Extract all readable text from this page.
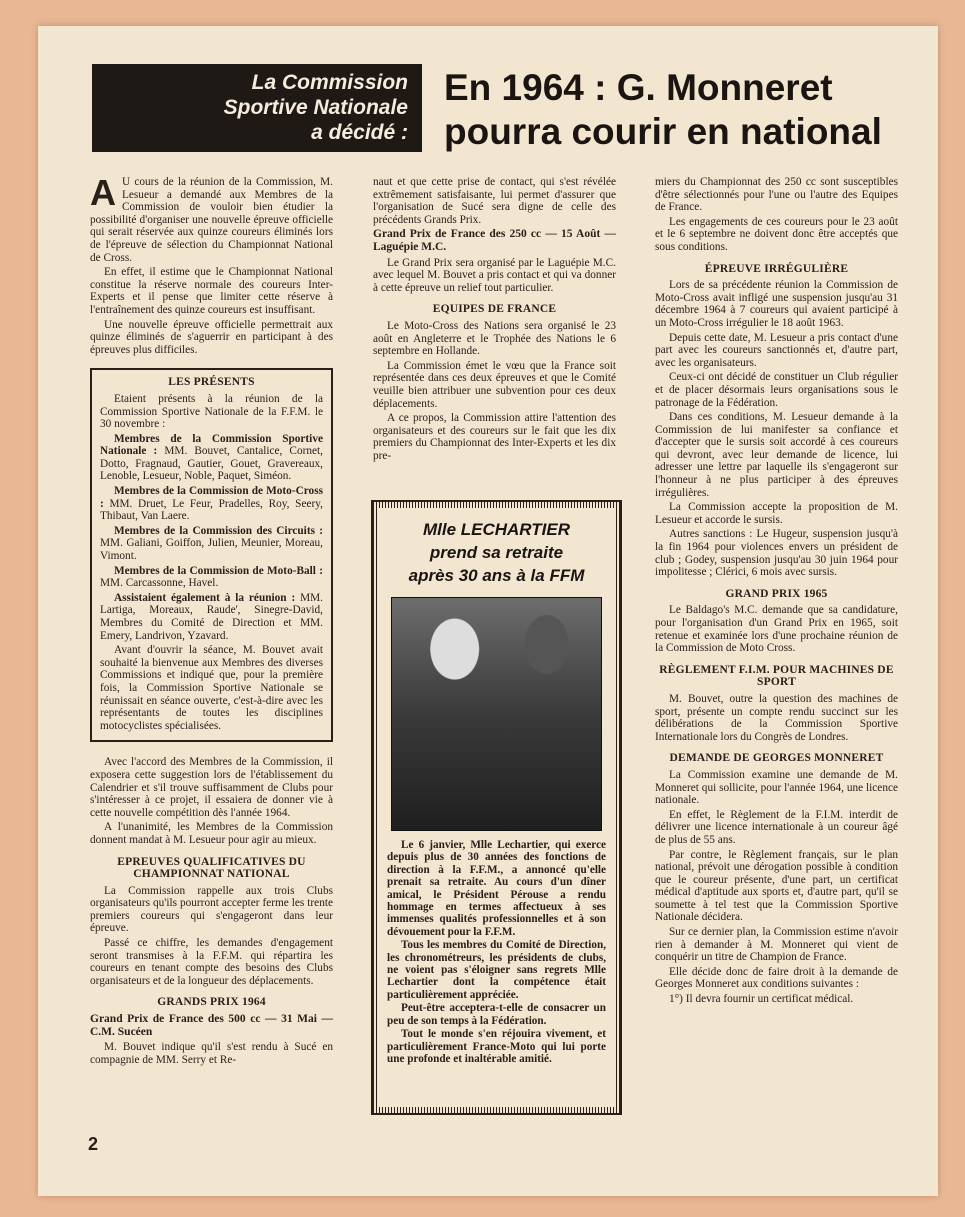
La Commission
Sportive Nationale
a décidé :
En 1964 : G. Monneret
pourra courir en national

A U cours de la réunion de la Commission, M. Lesueur a demandé aux Membres de la Commission de vouloir bien étudier la possibilité d'organiser une nouvelle épreuve officielle qui serait réservée aux quinze coureurs éliminés lors de l'épreuve de sélection du Championnat National de Cross.

En effet, il estime que le Championnat National constitue la réserve normale des coureurs Inter-Experts et il pense que limiter cette réserve à l'entraînement des quinze coureurs est insuffisant.

Une nouvelle épreuve officielle permettrait aux quinze éliminés de s'aguerrir en participant à des épreuves plus difficiles.

LES PRÉSENTS

Etaient présents à la réunion de la Commission Sportive Nationale de la F.F.M. le 30 novembre :

Membres de la Commission Sportive Nationale : MM. Bouvet, Cantalice, Cornet, Dotto, Fragnaud, Gautier, Gouet, Gravereaux, Lenoble, Lesueur, Noble, Paquet, Siméon.

Membres de la Commission de Moto-Cross : MM. Druet, Le Feur, Pradelles, Roy, Seery, Thibaut, Van Laere.

Membres de la Commission des Circuits : MM. Galiani, Goiffon, Julien, Meunier, Moreau, Vimont.

Membres de la Commission de Moto-Ball : MM. Carcassonne, Havel.

Assistaient également à la réunion : MM. Lartiga, Moreaux, Raude', Sinegre-David, Membres du Comité de Direction et MM. Emery, Landrivon, Yzavard.

Avant d'ouvrir la séance, M. Bouvet avait souhaité la bienvenue aux Membres des diverses Commissions et indiqué que, pour la première fois, la Commission Sportive Nationale se réunissait en séance ouverte, c'est-à-dire avec les représentants de toutes les disciplines motocyclistes spécialisées.

Avec l'accord des Membres de la Commission, il exposera cette suggestion lors de l'établissement du Calendrier et s'il trouve suffisamment de Clubs pour s'intéresser à ce projet, il essaiera de donner vie à cette nouvelle compétition dès l'année 1964.

A l'unanimité, les Membres de la Commission donnent mandat à M. Lesueur pour agir au mieux.

EPREUVES QUALIFICATIVES DU CHAMPIONNAT NATIONAL

La Commission rappelle aux trois Clubs organisateurs qu'ils pourront accepter ferme les trente premiers coureurs qui s'engageront dans leur épreuve.

Passé ce chiffre, les demandes d'engagement seront transmises à la F.F.M. qui répartira les coureurs en tenant compte des besoins des Clubs organisateurs et de la longueur des déplacements.

GRANDS PRIX 1964
Grand Prix de France des 500 cc — 31 Mai — C.M. Sucéen

M. Bouvet indique qu'il s'est rendu à Sucé en compagnie de MM. Serry et Re-

naut et que cette prise de contact, qui s'est révélée extrêmement satisfaisante, lui permet d'assurer que l'organisation de Sucé sera digne de celle des précédents Grands Prix.

Grand Prix de France des 250 cc — 15 Août — Laguépie M.C.

Le Grand Prix sera organisé par le Laguépie M.C. avec lequel M. Bouvet a pris contact et qui va donner à cette épreuve un relief tout particulier.

EQUIPES DE FRANCE

Le Moto-Cross des Nations sera organisé le 23 août en Angleterre et le Trophée des Nations le 6 septembre en Hollande.

La Commission émet le vœu que la France soit représentée dans ces deux épreuves et que le Comité veuille bien attribuer une subvention pour ces deux déplacements.

A ce propos, la Commission attire l'attention des organisateurs et des coureurs sur le fait que les dix premiers du Championnat des Inter-Experts et les dix pre-

Mlle LECHARTIER
prend sa retraite
après 30 ans à la FFM

Le 6 janvier, Mlle Lechartier, qui exerce depuis plus de 30 années des fonctions de direction à la F.F.M., a annoncé qu'elle prenait sa retraite. Au cours d'un dîner amical, le Président Pérouse a rendu hommage en termes affectueux à ses immenses qualités professionnelles et à son dévouement pour la F.F.M.

Tous les membres du Comité de Direction, les chronométreurs, les présidents de clubs, ne voient pas s'éloigner sans regrets Mlle Lechartier dont la compétence était particulièrement appréciée.

Peut-être acceptera-t-elle de consacrer un peu de son temps à la Fédération.

Tout le monde s'en réjouira vivement, et particulièrement France-Moto qui lui porte une profonde et inaltérable amitié.

miers du Championnat des 250 cc sont susceptibles d'être sélectionnés pour l'une ou l'autre des Equipes de France.

Les engagements de ces coureurs pour le 23 août et le 6 septembre ne doivent donc être acceptés que sous conditions.

ÉPREUVE IRRÉGULIÈRE

Lors de sa précédente réunion la Commission de Moto-Cross avait infligé une suspension jusqu'au 31 décembre 1964 à 7 coureurs qui avaient participé à un Moto-Cross irrégulier le 18 août 1963.

Depuis cette date, M. Lesueur a pris contact d'une part avec les coureurs sanctionnés et, d'autre part, avec les organisateurs.

Ceux-ci ont décidé de constituer un Club régulier et de placer désormais leurs organisations sous le patronage de la Fédération.

Dans ces conditions, M. Lesueur demande à la Commission de lui manifester sa confiance et d'accepter que le sursis soit accordé à ces coureurs qui devront, avec leur demande de licence, lui adresser une lettre par laquelle ils s'engageront sur l'honneur à ne plus participer à des épreuves irrégulières.

La Commission accepte la proposition de M. Lesueur et accorde le sursis.

Autres sanctions : Le Hugeur, suspension jusqu'à la fin 1964 pour violences envers un président de club ; Godey, suspension jusqu'au 30 juin 1964 pour impolitesse ; Clérici, 6 mois avec sursis.

GRAND PRIX 1965

Le Baldago's M.C. demande que sa candidature, pour l'organisation d'un Grand Prix en 1965, soit retenue et examinée lors d'une prochaine réunion de la Commission de Moto Cross.

RÈGLEMENT F.I.M. POUR MACHINES DE SPORT

M. Bouvet, outre la question des machines de sport, présente un compte rendu succinct sur les délibérations de la Commission Sportive Internationale lors du Congrès de Londres.

DEMANDE DE GEORGES MONNERET

La Commission examine une demande de M. Monneret qui sollicite, pour l'année 1964, une licence nationale.

En effet, le Règlement de la F.I.M. interdit de délivrer une licence internationale à un coureur âgé de plus de 55 ans.

Par contre, le Règlement français, sur le plan national, prévoit une dérogation possible à condition que le coureur présente, d'une part, un certificat médical d'aptitude aux sports et, d'autre part, qu'il se soumette à tel test que la Commission Sportive Nationale décidera.

Sur ce dernier plan, la Commission estime n'avoir rien à demander à M. Monneret qui vient de conquérir un titre de Champion de France.

Elle décide donc de faire droit à la demande de Georges Monneret aux conditions suivantes :

1°) Il devra fournir un certificat médical.

2
